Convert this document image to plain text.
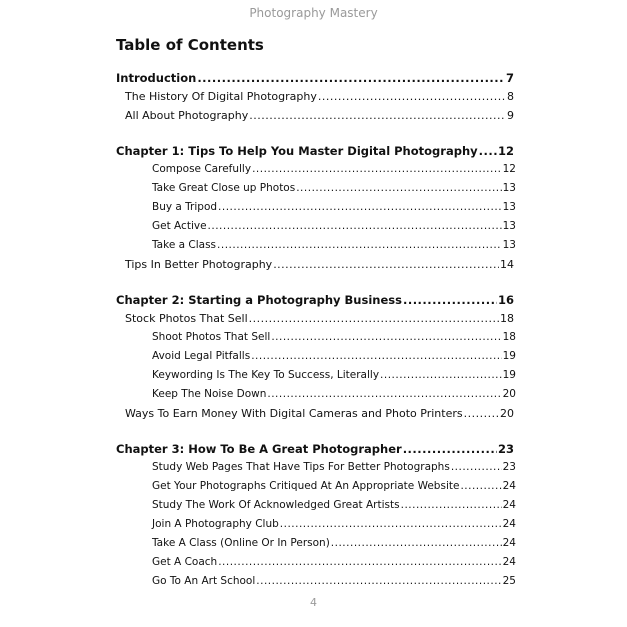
Photography Mastery
Table of Contents
Introduction .....	7
The History Of Digital Photography .....	8
All About Photography .....	9
Chapter 1: Tips To Help You Master Digital Photography ..... 12
Compose Carefully .....	12
Take Great Close up Photos .....	13
Buy a Tripod .....	13
Get Active .....	13
Take a Class .....	13
Tips In Better Photography .....	14
Chapter 2: Starting a Photography Business .....	16
Stock Photos That Sell .....	18
Shoot Photos That Sell .....	18
Avoid Legal Pitfalls .....	19
Keywording Is The Key To Success, Literally .....	19
Keep The Noise Down .....	20
Ways To Earn Money With Digital Cameras and Photo Printers .....	20
Chapter 3: How To Be A Great Photographer .....	23
Study Web Pages That Have Tips For Better Photographs .....	23
Get Your Photographs Critiqued At An Appropriate Website .....	24
Study The Work Of Acknowledged Great Artists .....	24
Join A Photography Club .....	24
Take A Class (Online Or In Person) .....	24
Get A Coach .....	24
Go To An Art School .....	25
4
